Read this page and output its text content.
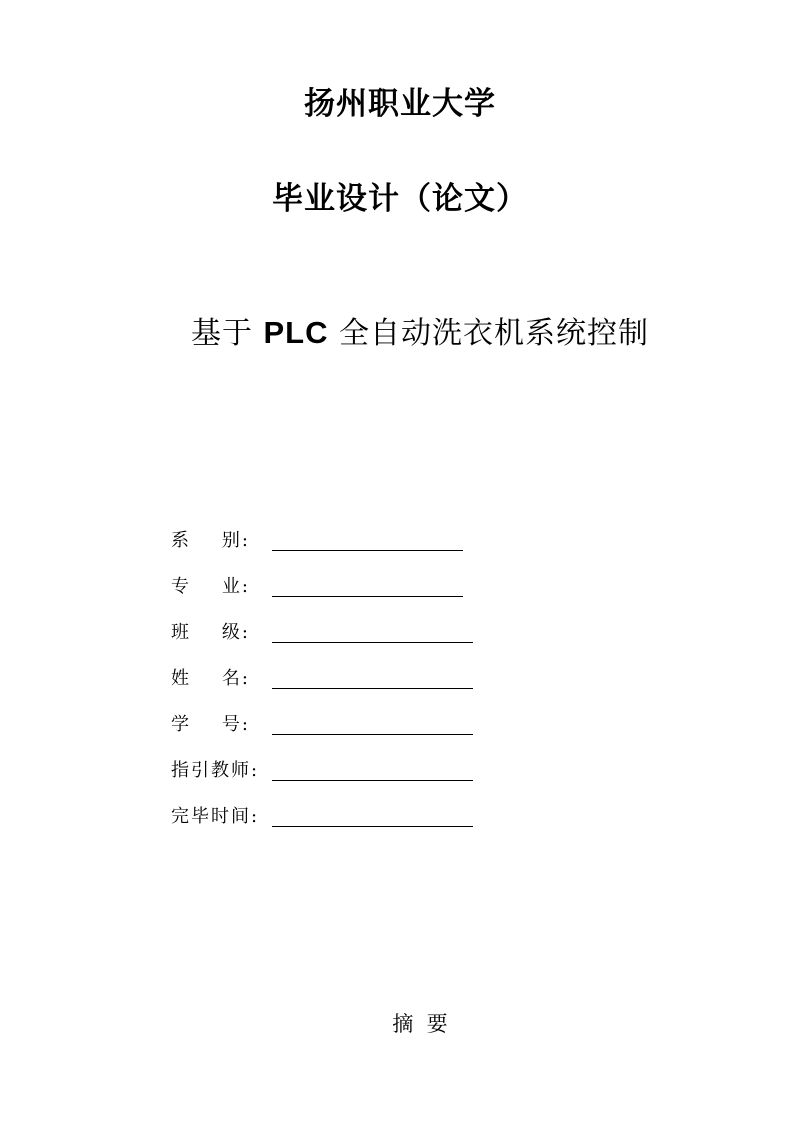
扬州职业大学
毕业设计（论文）
基于 PLC 全自动洗衣机系统控制
系    别:
专    业:
班    级:
姓    名:
学    号:
指引教师:
完毕时间:
摘  要
